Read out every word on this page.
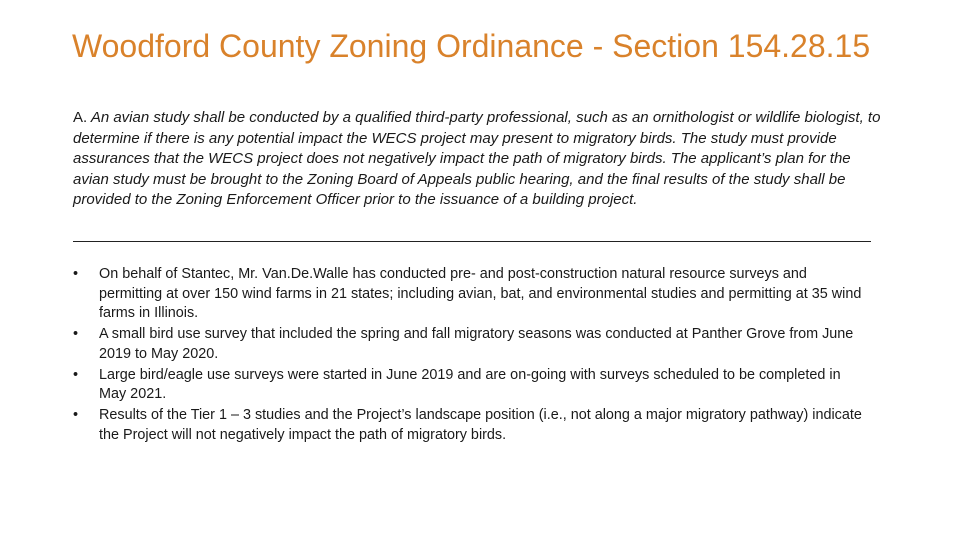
Woodford County Zoning Ordinance - Section 154.28.15

A. An avian study shall be conducted by a qualified third-party professional, such as an ornithologist or wildlife biologist, to determine if there is any potential impact the WECS project may present to migratory birds. The study must provide assurances that the WECS project does not negatively impact the path of migratory birds. The applicant’s plan for the avian study must be brought to the Zoning Board of Appeals public hearing, and the final results of the study shall be provided to the Zoning Enforcement Officer prior to the issuance of a building project.

•	On behalf of Stantec, Mr. Van.De.Walle has conducted pre- and post-construction natural resource surveys and permitting at over 150 wind farms in 21 states; including avian, bat, and environmental studies and permitting at 35 wind farms in Illinois.
•	A small bird use survey that included the spring and fall migratory seasons was conducted at Panther Grove from June 2019 to May 2020.
•	Large bird/eagle use surveys were started in June 2019 and are on-going with surveys scheduled to be completed in May 2021.
•	Results of the Tier 1 – 3 studies and the Project’s landscape position (i.e., not along a major migratory pathway) indicate the Project will not negatively impact the path of migratory birds.
